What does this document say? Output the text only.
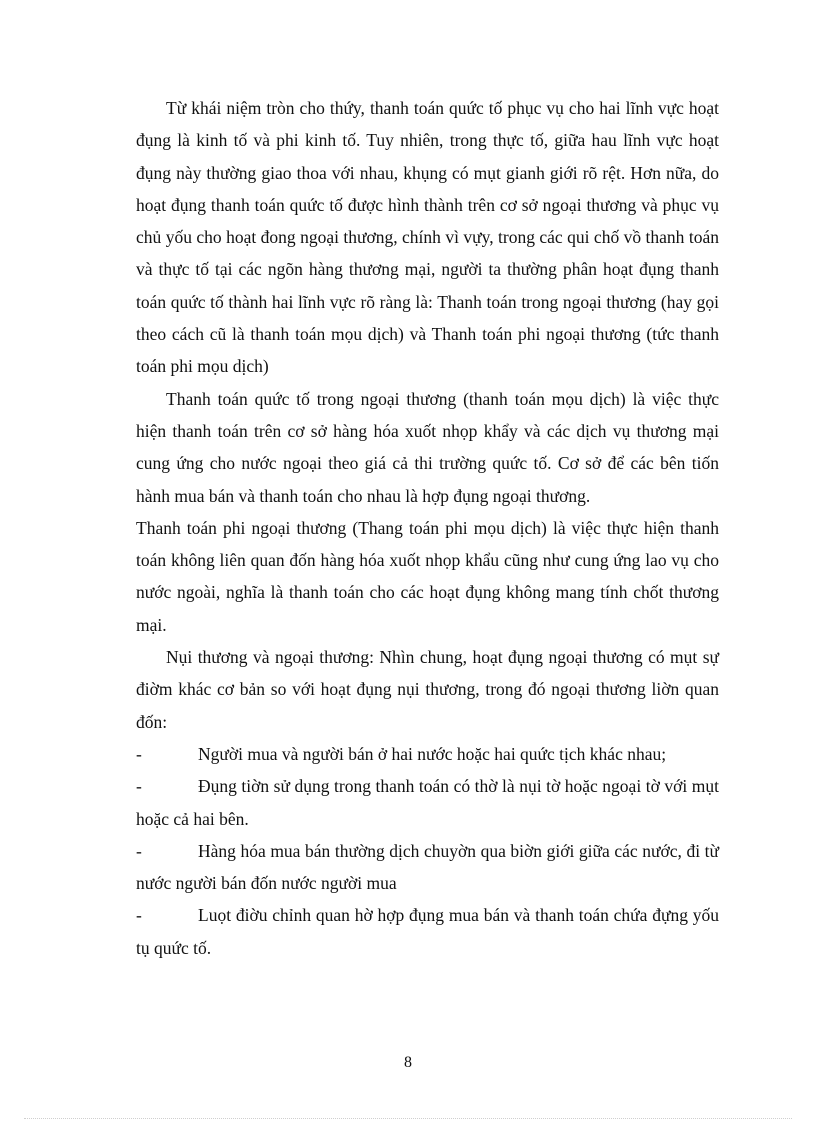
Từ khái niệm tròn cho thứy, thanh toán quức tố phục vụ cho hai lĩnh vực hoạt đụng là kinh tố và phi kinh tố. Tuy nhiên, trong thực tố, giữa hau lĩnh vực hoạt đụng này thường giao thoa với nhau, khụng có mụt gianh giới rõ rệt. Hơn nữa, do hoạt đụng thanh toán quức tố được hình thành trên cơ sở ngoại thương và phục vụ chủ yốu cho hoạt đong ngoại thương, chính vì vựy, trong các qui chố vồ thanh toán và thực tố tại các ngõn hàng thương mại, người ta thường phân hoạt đụng thanh toán quức tố thành hai lĩnh vực rõ ràng là: Thanh toán trong ngoại thương (hay gọi theo cách cũ là thanh toán mọu dịch) và Thanh toán phi ngoại thương (tức thanh toán phi mọu dịch)

Thanh toán quức tố trong ngoại thương (thanh toán mọu dịch) là việc thực hiện thanh toán trên cơ sở hàng hóa xuốt nhọp khẩy và các dịch vụ thương mại cung ứng cho nước ngoại theo giá cả thi trường quức tố. Cơ sở để các bên tiốn hành mua bán và thanh toán cho nhau là hợp đụng ngoại thương.

Thanh toán phi ngoại thương (Thang toán phi mọu dịch) là việc thực hiện thanh toán không liên quan đốn hàng hóa xuốt nhọp khẩu cũng như cung ứng lao vụ cho nước ngoài, nghĩa là thanh toán cho các hoạt đụng không mang tính chốt thương mại.

Nụi thương và ngoại thương: Nhìn chung, hoạt đụng ngoại thương có mụt sự điờm khác cơ bản so với hoạt đụng nụi thương, trong đó ngoại thương liờn quan đốn:

-	Người mua và người bán ở hai nước hoặc hai quức tịch khác nhau;

-	Đụng tiờn sử dụng trong thanh toán có thờ là nụi tờ hoặc ngoại tờ với mụt hoặc cả hai bên.

-	Hàng hóa mua bán thường dịch chuyờn qua biờn giới giữa các nước, đi từ nước người bán đốn nước người mua

-	Luọt điờu chỉnh quan hờ hợp đụng mua bán và thanh toán chứa đựng yốu tụ quức tố.

8
